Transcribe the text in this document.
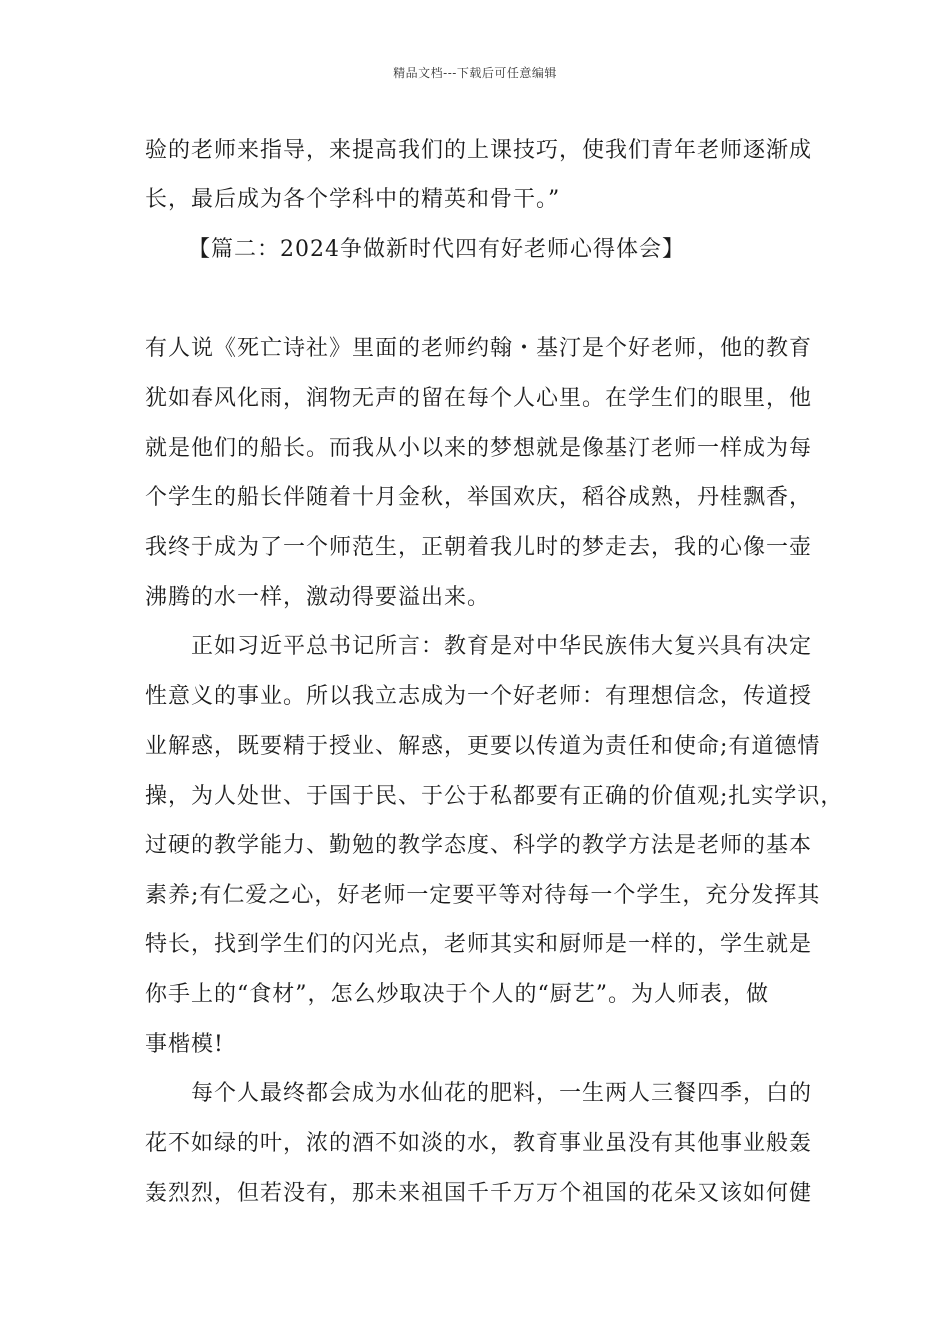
精品文档---下载后可任意编辑
验的老师来指导，来提高我们的上课技巧，使我们青年老师逐渐成
长，最后成为各个学科中的精英和骨干。”
【篇二：2024争做新时代四有好老师心得体会】
有人说《死亡诗社》里面的老师约翰・基汀是个好老师，他的教育
犹如春风化雨，润物无声的留在每个人心里。在学生们的眼里，他
就是他们的船长。而我从小以来的梦想就是像基汀老师一样成为每
个学生的船长伴随着十月金秋，举国欢庆，稻谷成熟，丹桂飘香，
我终于成为了一个师范生，正朝着我儿时的梦走去，我的心像一壶
沸腾的水一样，激动得要溢出来。
正如习近平总书记所言：教育是对中华民族伟大复兴具有决定
性意义的事业。所以我立志成为一个好老师：有理想信念，传道授
业解惑，既要精于授业、解惑，更要以传道为责任和使命;有道德情
操，为人处世、于国于民、于公于私都要有正确的价值观;扎实学识，
过硬的教学能力、勤勉的教学态度、科学的教学方法是老师的基本
素养;有仁爱之心，好老师一定要平等对待每一个学生，充分发挥其
特长，找到学生们的闪光点，老师其实和厨师是一样的，学生就是
你手上的“食材”，怎么炒取决于个人的“厨艺”。为人师表，做
事楷模!
每个人最终都会成为水仙花的肥料，一生两人三餐四季，白的
花不如绿的叶，浓的酒不如淡的水，教育事业虽没有其他事业般轰
轰烈烈，但若没有，那未来祖国千千万万个祖国的花朵又该如何健
